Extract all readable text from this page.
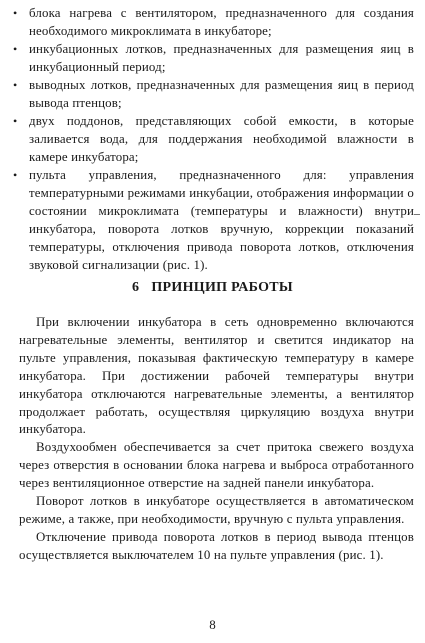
• блока нагрева с вентилятором, предназначенного для создания необходимого микроклимата в инкубаторе;
• инкубационных лотков, предназначенных для размещения яиц в инкубационный период;
• выводных лотков, предназначенных для размещения яиц в период вывода птенцов;
• двух поддонов, представляющих собой емкости, в которые заливается вода, для поддержания необходимой влажности в камере инкубатора;
• пульта управления, предназначенного для: управления температурными режимами инкубации, отображения информации о состоянии микроклимата (температуры и влажности) внутри инкубатора, поворота лотков вручную, коррекции показаний температуры, отключения привода поворота лотков, отключения звуковой сигнализации (рис. 1).
6 ПРИНЦИП РАБОТЫ

При включении инкубатора в сеть одновременно включаются нагревательные элементы, вентилятор и светится индикатор на пульте управления, показывая фактическую температуру в камере инкубатора. При достижении рабочей температуры внутри инкубатора отключаются нагревательные элементы, а вентилятор продолжает работать, осуществляя циркуляцию воздуха внутри инкубатора.

Воздухообмен обеспечивается за счет притока свежего воздуха через отверстия в основании блока нагрева и выброса отработанного через вентиляционное отверстие на задней панели инкубатора.

Поворот лотков в инкубаторе осуществляется в автоматическом режиме, а также, при необходимости, вручную с пульта управления.

Отключение привода поворота лотков в период вывода птенцов осуществляется выключателем 10 на пульте управления (рис. 1).

8
